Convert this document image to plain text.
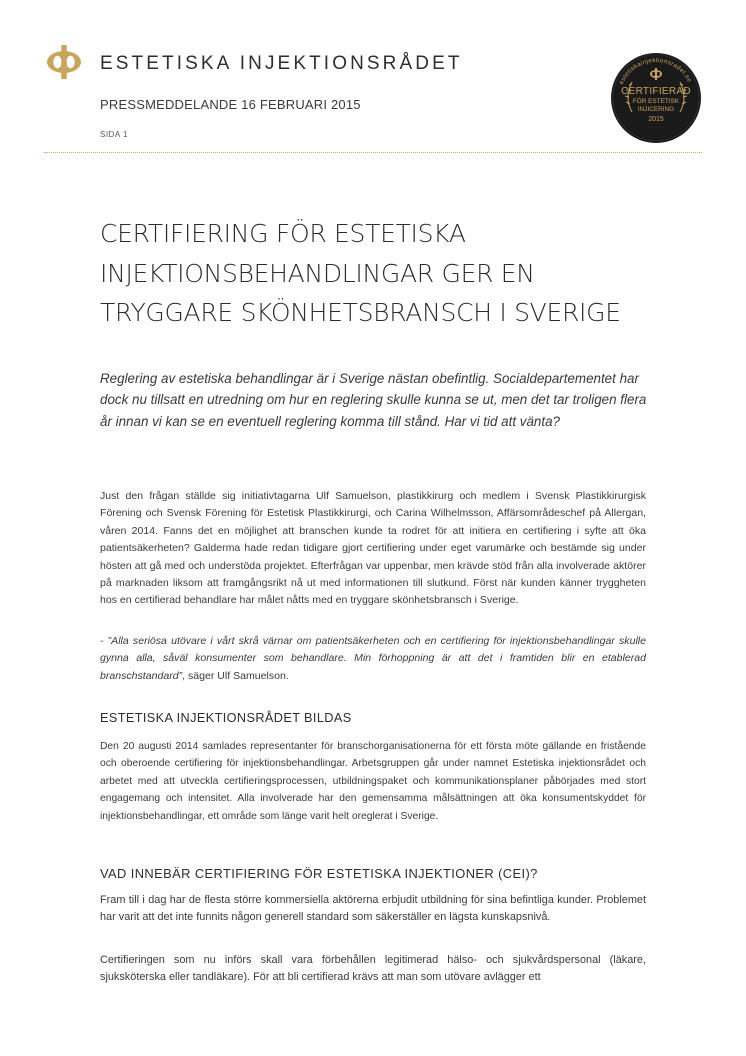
ESTETISKA INJEKTIONSRÅDET
PRESSMEDDELANDE 16 FEBRUARI 2015
SIDA 1
estetiskainjektionsradet.se
CERTIFIERAD
FÖR ESTETISK
INJICERING
2015
CERTIFIERING FÖR ESTETISKA
INJEKTIONSBEHANDLINGAR GER EN
TRYGGARE SKÖNHETSBRANSCH I SVERIGE

Reglering av estetiska behandlingar är i Sverige nästan obefintlig. Socialdepartementet har dock nu tillsatt en utredning om hur en reglering skulle kunna se ut, men det tar troligen flera år innan vi kan se en eventuell reglering komma till stånd. Har vi tid att vänta?

Just den frågan ställde sig initiativtagarna Ulf Samuelson, plastikkirurg och medlem i Svensk Plastikkirurgisk Förening och Svensk Förening för Estetisk Plastikkirurgi, och Carina Wilhelmsson, Affärsområdeschef på Allergan, våren 2014. Fanns det en möjlighet att branschen kunde ta rodret för att initiera en certifiering i syfte att öka patientsäkerheten? Galderma hade redan tidigare gjort certifiering under eget varumärke och bestämde sig under hösten att gå med och understöda projektet. Efterfrågan var uppenbar, men krävde stöd från alla involverade aktörer på marknaden liksom att framgångsrikt nå ut med informationen till slutkund. Först när kunden känner tryggheten hos en certifierad behandlare har målet nåtts med en tryggare skönhetsbransch i Sverige.

- ”Alla seriösa utövare i vårt skrå värnar om patientsäkerheten och en certifiering för injektionsbehandlingar skulle gynna alla, såväl konsumenter som behandlare. Min förhoppning är att det i framtiden blir en etablerad branschstandard”, säger Ulf Samuelson.

ESTETISKA INJEKTIONSRÅDET BILDAS

Den 20 augusti 2014 samlades representanter för branschorganisationerna för ett första möte gällande en fristående och oberoende certifiering för injektionsbehandlingar. Arbetsgruppen går under namnet Estetiska injektionsrådet och arbetet med att utveckla certifieringsprocessen, utbildningspaket och kommunikationsplaner påbörjades med stort engagemang och intensitet. Alla involverade har den gemensamma målsättningen att öka konsumentskyddet för injektionsbehandlingar, ett område som länge varit helt oreglerat i Sverige.

VAD INNEBÄR CERTIFIERING FÖR ESTETISKA INJEKTIONER (CEI)?

Fram till i dag har de flesta större kommersiella aktörerna erbjudit utbildning för sina befintliga kunder. Problemet har varit att det inte funnits någon generell standard som säkerställer en lägsta kunskapsnivå.

Certifieringen som nu införs skall vara förbehållen legitimerad hälso- och sjukvårdspersonal (läkare, sjuksköterska eller tandläkare). För att bli certifierad krävs att man som utövare avlägger ett
